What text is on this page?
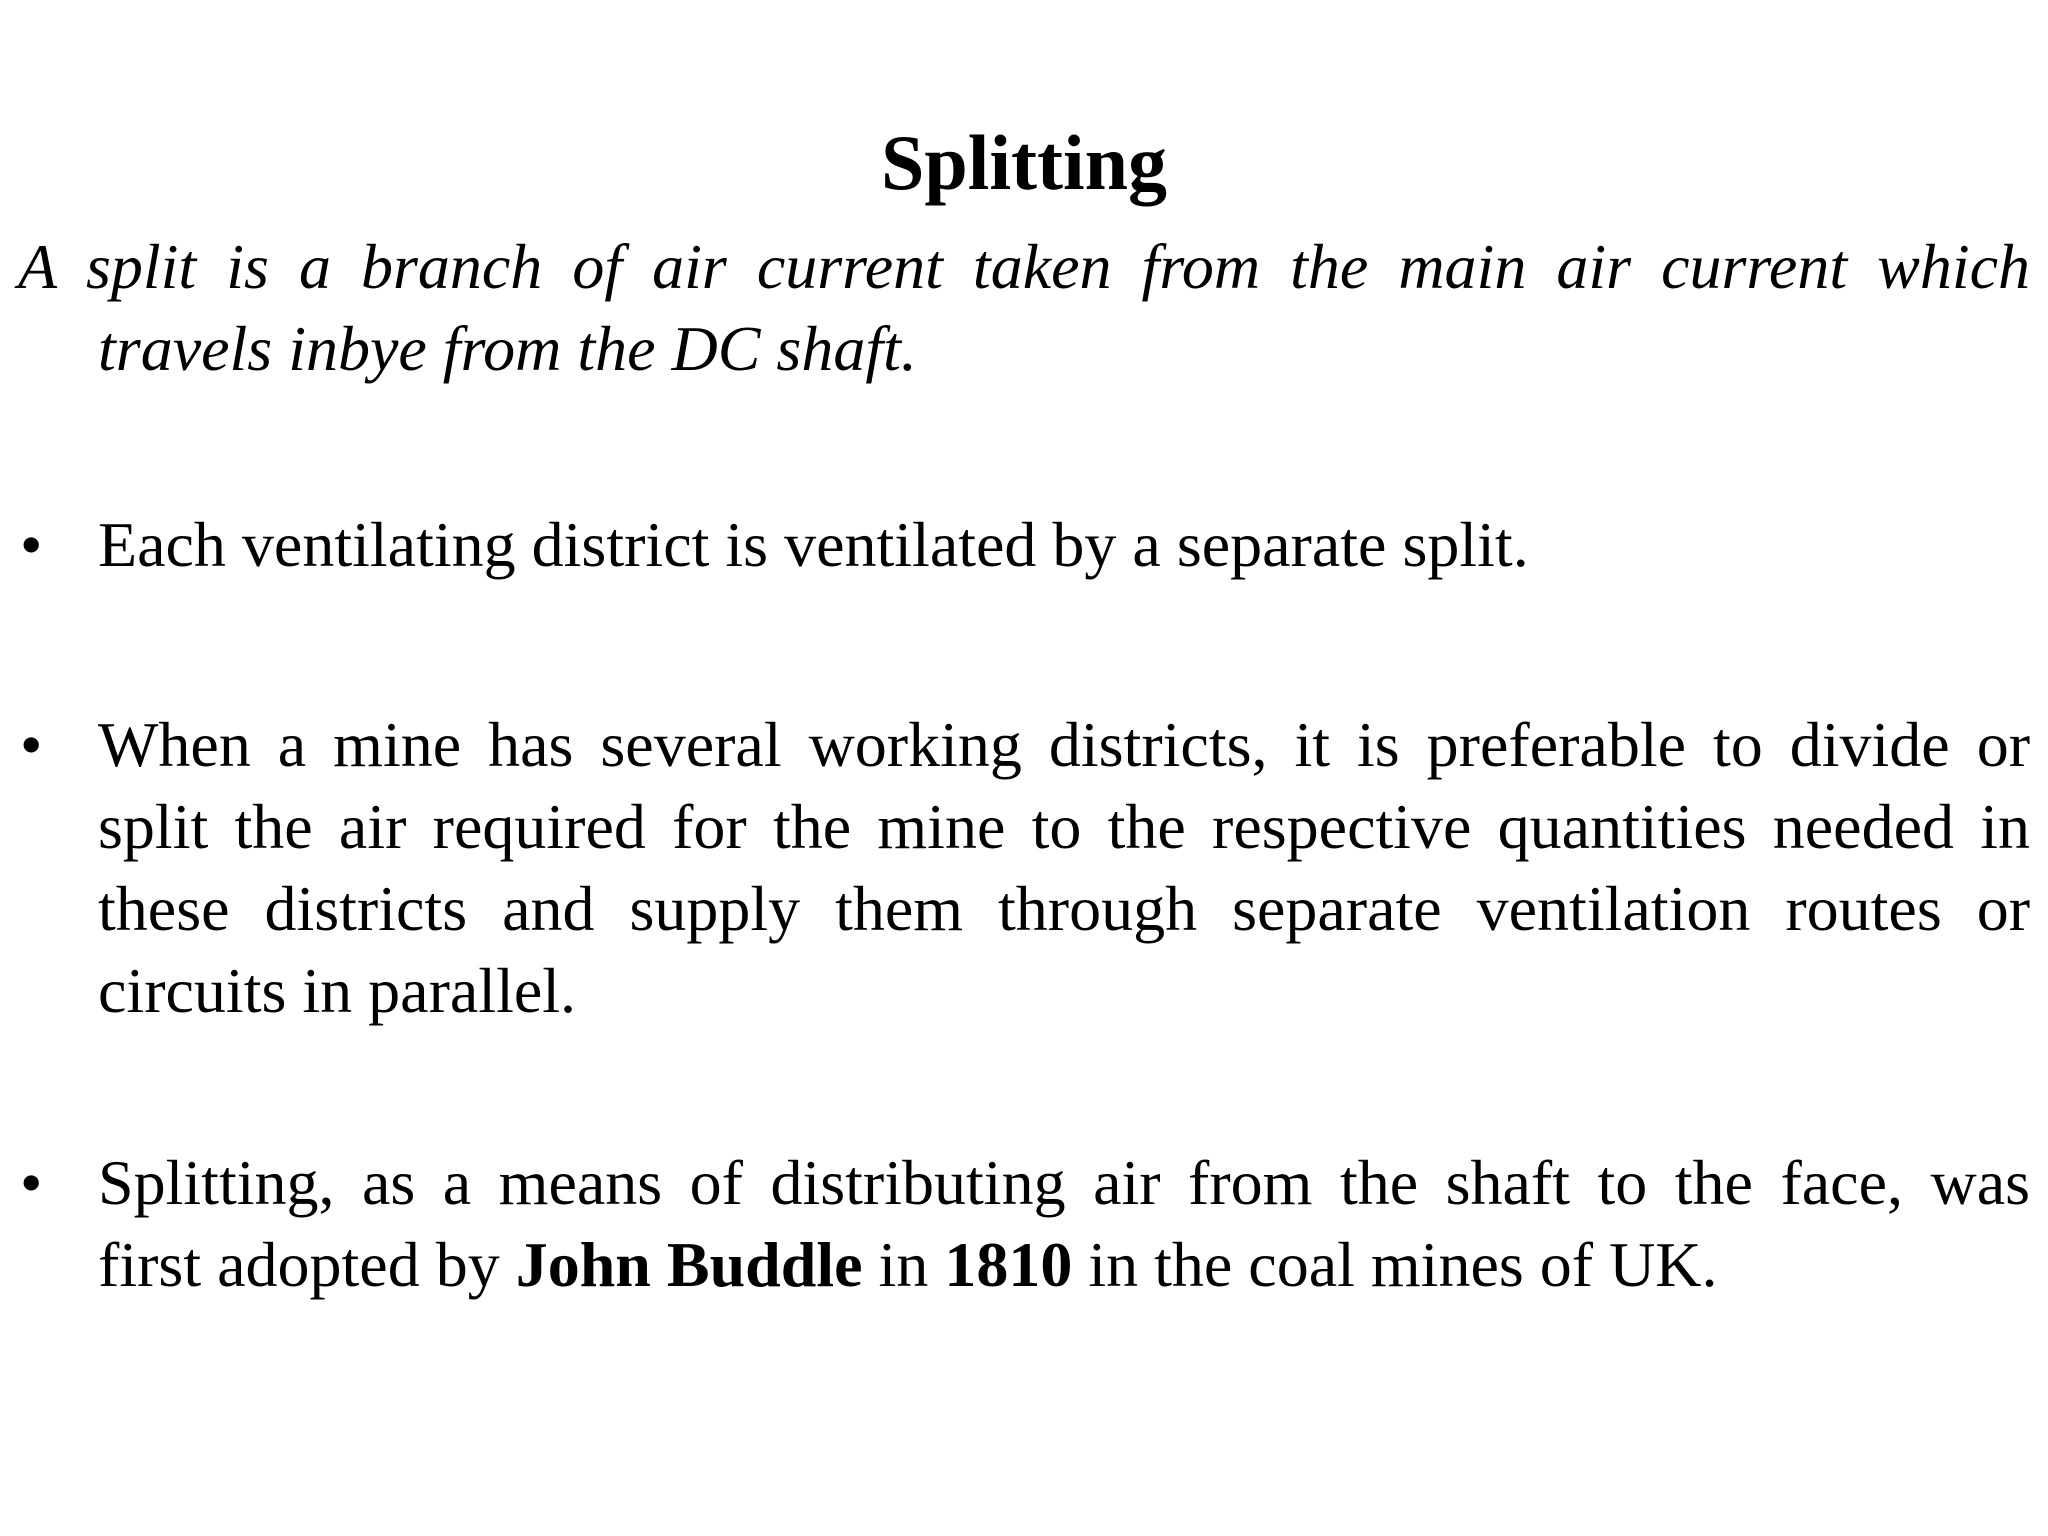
Splitting
A split is a branch of air current taken from the main air current which
travels inbye from the DC shaft.
• Each ventilating district is ventilated by a separate split.
• When a mine has several working districts, it is preferable to divide or
split the air required for the mine to the respective quantities needed in
these districts and supply them through separate ventilation routes or
circuits in parallel.
• Splitting, as a means of distributing air from the shaft to the face, was
first adopted by John Buddle in 1810 in the coal mines of UK.
